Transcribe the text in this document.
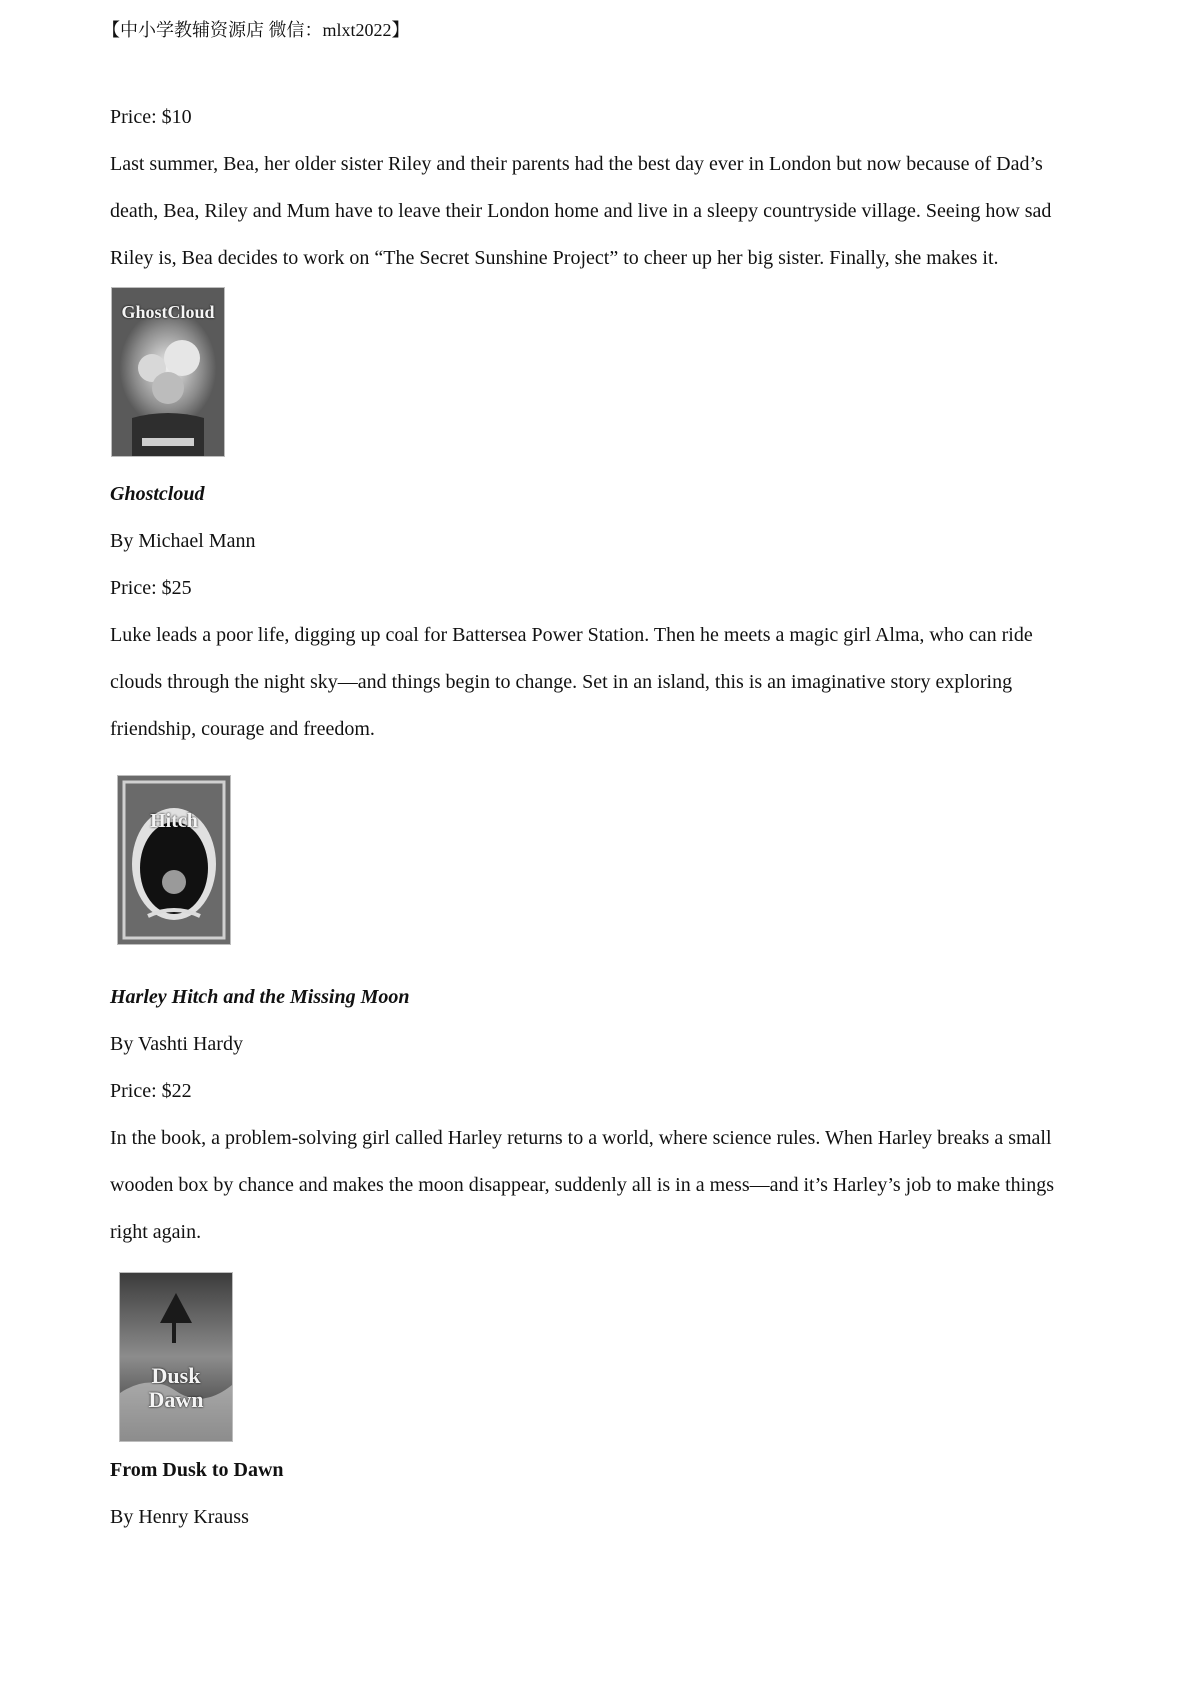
【中小学教辅资源店 微信：mlxt2022】
Price: $10
Last summer, Bea, her older sister Riley and their parents had the best day ever in London but now because of Dad’s
death, Bea, Riley and Mum have to leave their London home and live in a sleepy countryside village. Seeing how sad
Riley is, Bea decides to work on “The Secret Sunshine Project” to cheer up her big sister. Finally, she makes it.
GhostCloud
Ghostcloud
By Michael Mann
Price: $25
Luke leads a poor life, digging up coal for Battersea Power Station. Then he meets a magic girl Alma, who can ride
clouds through the night sky—and things begin to change. Set in an island, this is an imaginative story exploring
friendship, courage and freedom.
Hitch
Harley Hitch and the Missing Moon
By Vashti Hardy
Price: $22
In the book, a problem-solving girl called Harley returns to a world, where science rules. When Harley breaks a small
wooden box by chance and makes the moon disappear, suddenly all is in a mess—and it’s Harley’s job to make things
right again.
Dusk
Dawn
From Dusk to Dawn
By Henry Krauss
